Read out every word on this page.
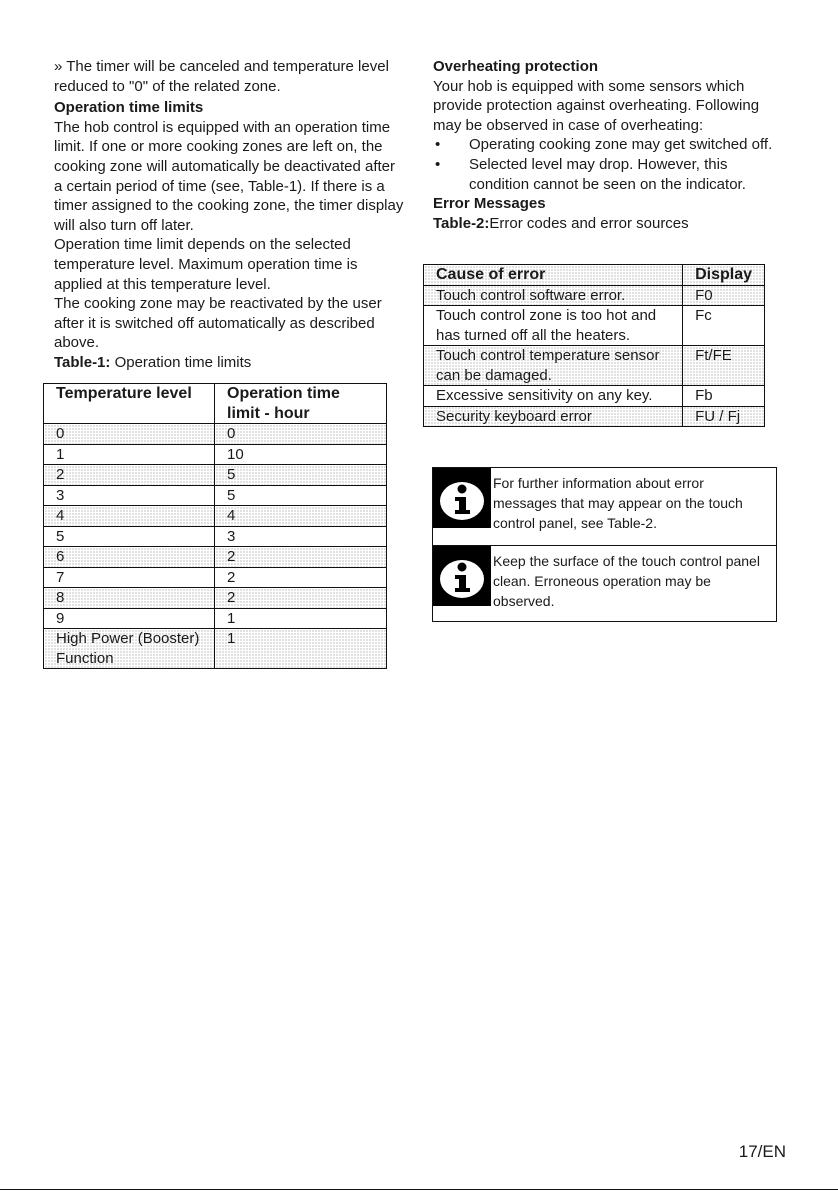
» The timer will be canceled and temperature level reduced to "0" of the related zone.

Operation time limits

The hob control is equipped with an operation time limit. If one or more cooking zones are left on, the cooking zone will automatically be deactivated after a certain period of time (see, Table-1). If there is a timer assigned to the cooking zone, the timer display will also turn off later.

Operation time limit depends on the selected temperature level. Maximum operation time is applied at this temperature level.

The cooking zone may be reactivated by the user after it is switched off automatically as described above.

Table-1: Operation time limits

Temperature level	Operation time limit - hour
0	0
1	10
2	5
3	5
4	4
5	3
6	2
7	2
8	2
9	1
High Power (Booster) Function	1

Overheating protection

Your hob is equipped with some sensors which provide protection against overheating. Following may be observed in case of overheating:

• Operating cooking zone may get switched off.
• Selected level may drop. However, this condition cannot be seen on the indicator.

Error Messages

Table-2:Error codes and error sources

Cause of error	Display
Touch control software error.	F0
Touch control zone is too hot and has turned off all the heaters.	Fc
Touch control temperature sensor can be damaged.	Ft/FE
Excessive sensitivity on any key.	Fb
Security keyboard error	FU / Fj
For further information about error messages that may appear on the touch control panel, see Table-2.
Keep the surface of the touch control panel clean. Erroneous operation may be observed.
17/EN
